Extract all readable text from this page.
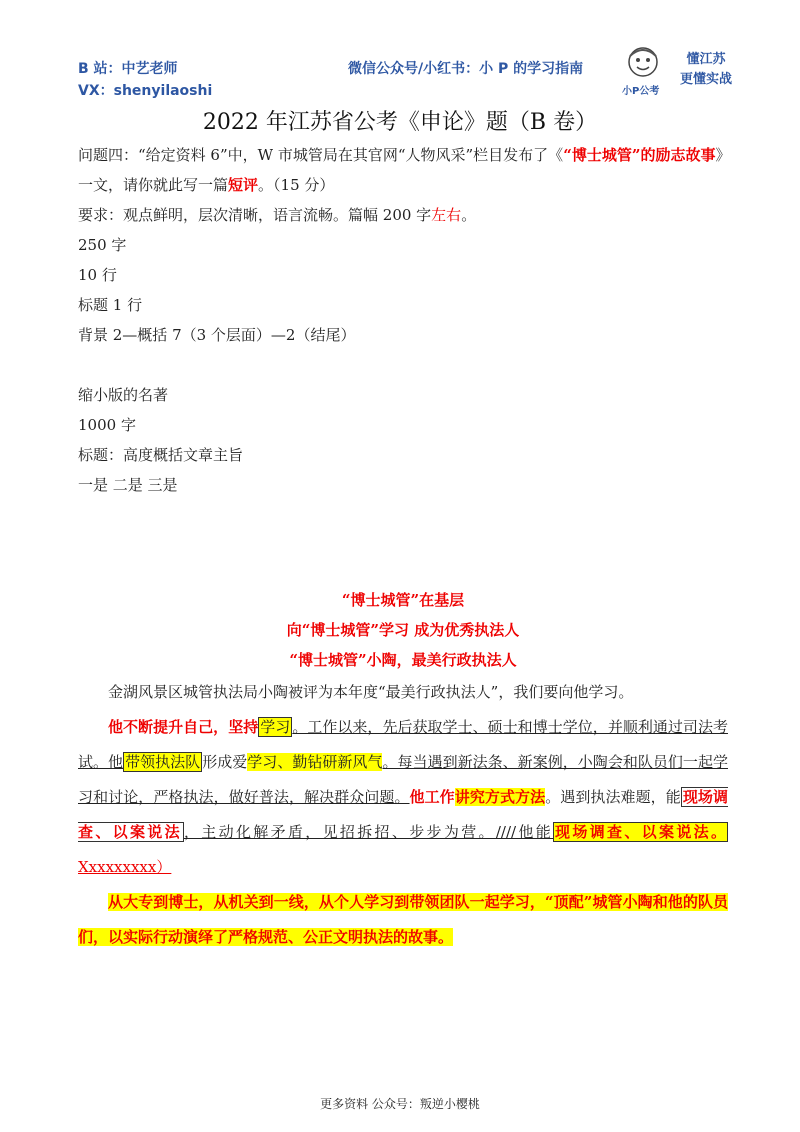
B 站：中艺老师
VX：shenyilaoshi
微信公众号/小红书：小 P 的学习指南
小P公考
懂江苏
更懂实战
2022 年江苏省公考《申论》题（B 卷）

问题四：“给定资料 6”中，W 市城管局在其官网“人物风采”栏目发布了《“博士城管”的励志故事》一文，请你就此写一篇短评。（15 分）

要求：观点鲜明，层次清晰，语言流畅。篇幅 200 字左右。

250 字

10 行

标题 1 行

背景 2—概括 7（3 个层面）—2（结尾）

缩小版的名著

1000 字

标题：高度概括文章主旨

一是 二是 三是

“博士城管”在基层

向“博士城管”学习 成为优秀执法人

“博士城管”小陶，最美行政执法人

金湖风景区城管执法局小陶被评为本年度“最美行政执法人”，我们要向他学习。

他不断提升自己，坚持 学习 。工作以来，先后获取学士、硕士和博士学位，并顺利通过司法考试。他 带领执法队 形成爱学习、勤钻研新风气。每当遇到新法条、新案例，小陶会和队员们一起学习和讨论，严格执法，做好普法，解决群众问题。他工作讲究方式方法。遇到执法难题，能 现场调查、以案说法 ，主动化解矛盾，见招拆招、步步为营。////他能 现场调查、以案说法。Xxxxxxxxx）

从大专到博士，从机关到一线，从个人学习到带领团队一起学习，“顶配”城管小陶和他的队员们，以实际行动演绎了严格规范、公正文明执法的故事。

更多资料 公众号：叛逆小樱桃
